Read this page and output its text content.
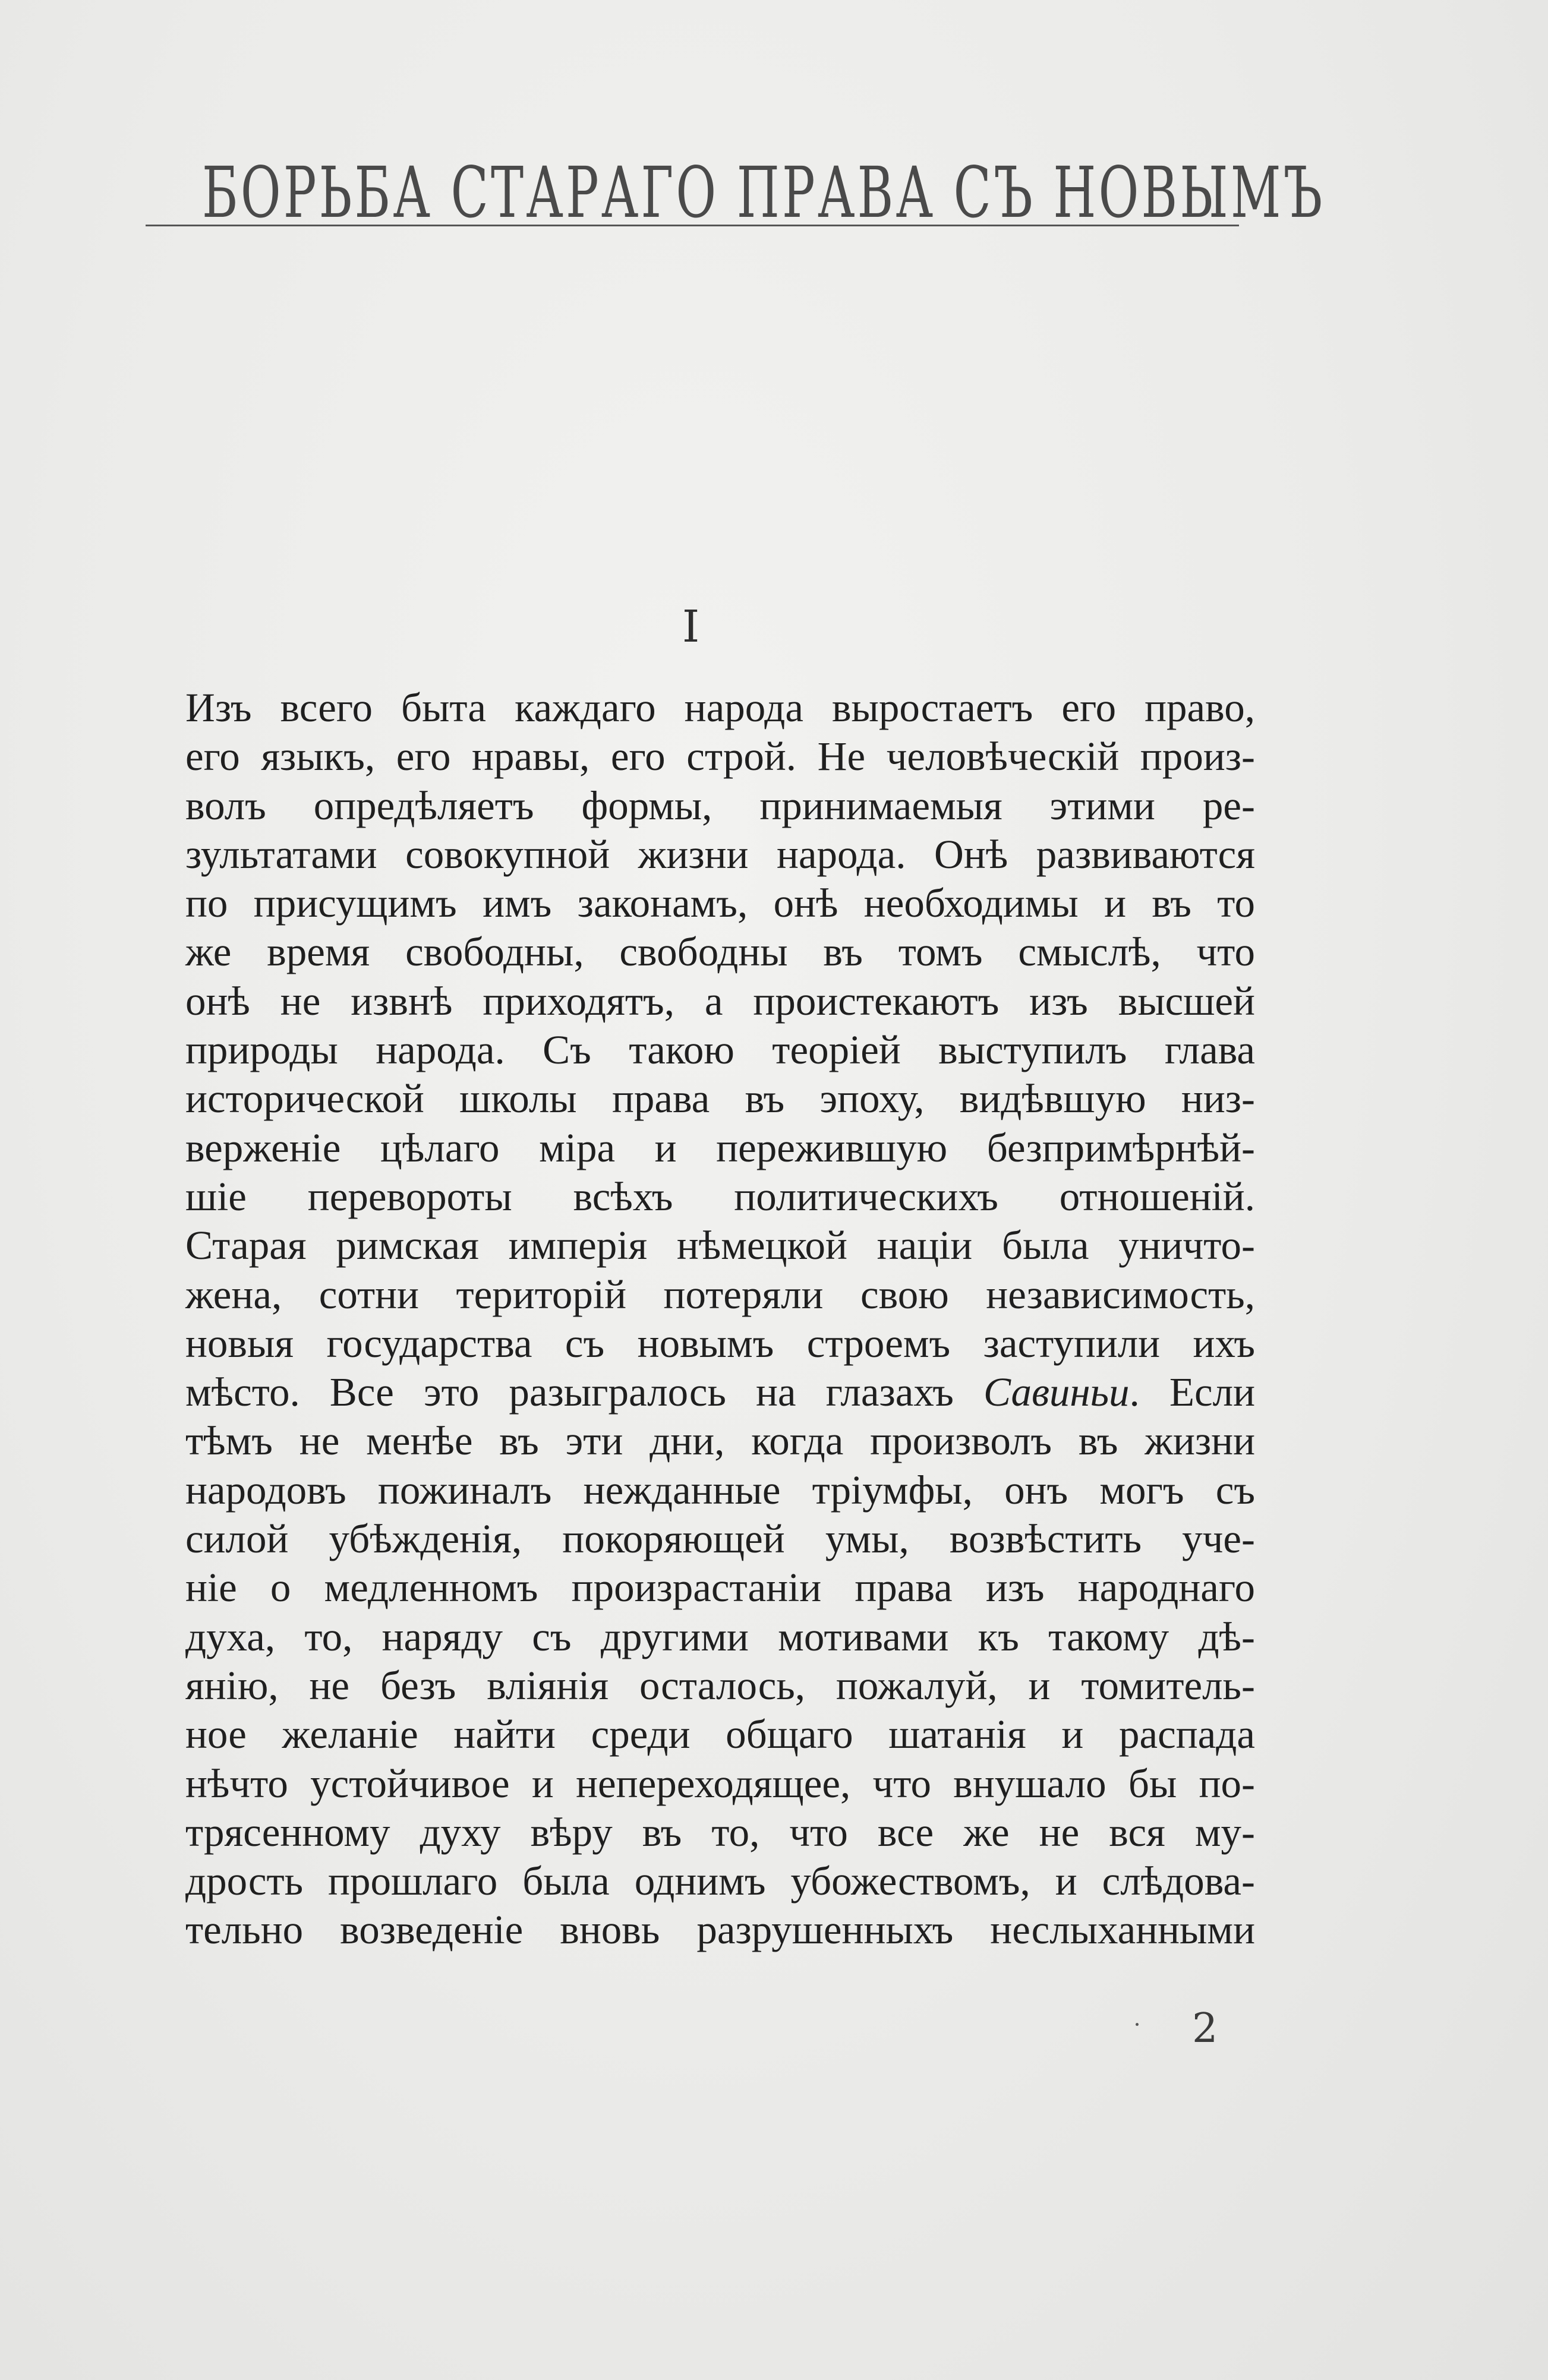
БОРЬБА СТАРАГО ПРАВА СЪ НОВЫМЪ
I
Изъ всего быта каждаго народа выростаетъ его право,
его языкъ, его нравы, его строй. Не человѣческiй произ-
волъ опредѣляетъ формы, принимаемыя этими ре-
зультатами совокупной жизни народа. Онѣ развиваются
по присущимъ имъ законамъ, онѣ необходимы и въ то
же время свободны, свободны въ томъ смыслѣ, что
онѣ не извнѣ приходятъ, а проистекаютъ изъ высшей
природы народа. Съ такою теорiей выступилъ глава
исторической школы права въ эпоху, видѣвшую низ-
верженiе цѣлаго мiра и пережившую безпримѣрнѣй-
шiе перевороты всѣхъ политическихъ отношенiй.
Старая римская имперiя нѣмецкой нацiи была уничто-
жена, сотни територiй потеряли свою независимость,
новыя государства съ новымъ строемъ заступили ихъ
мѣсто. Все это разыгралось на глазахъ Савиньи. Если
тѣмъ не менѣе въ эти дни, когда произволъ въ жизни
народовъ пожиналъ нежданные трiумфы, онъ могъ съ
силой убѣжденiя, покоряющей умы, возвѣстить уче-
нiе о медленномъ произрастанiи права изъ народнаго
духа, то, наряду съ другими мотивами къ такому дѣ-
янiю, не безъ влiянiя осталось, пожалуй, и томитель-
ное желанiе найти среди общаго шатанiя и распада
нѣчто устойчивое и непереходящее, что внушало бы по-
трясенному духу вѣру въ то, что все же не вся му-
дрость прошлаго была однимъ убожествомъ, и слѣдова-
тельно возведенiе вновь разрушенныхъ неслыханными
2
